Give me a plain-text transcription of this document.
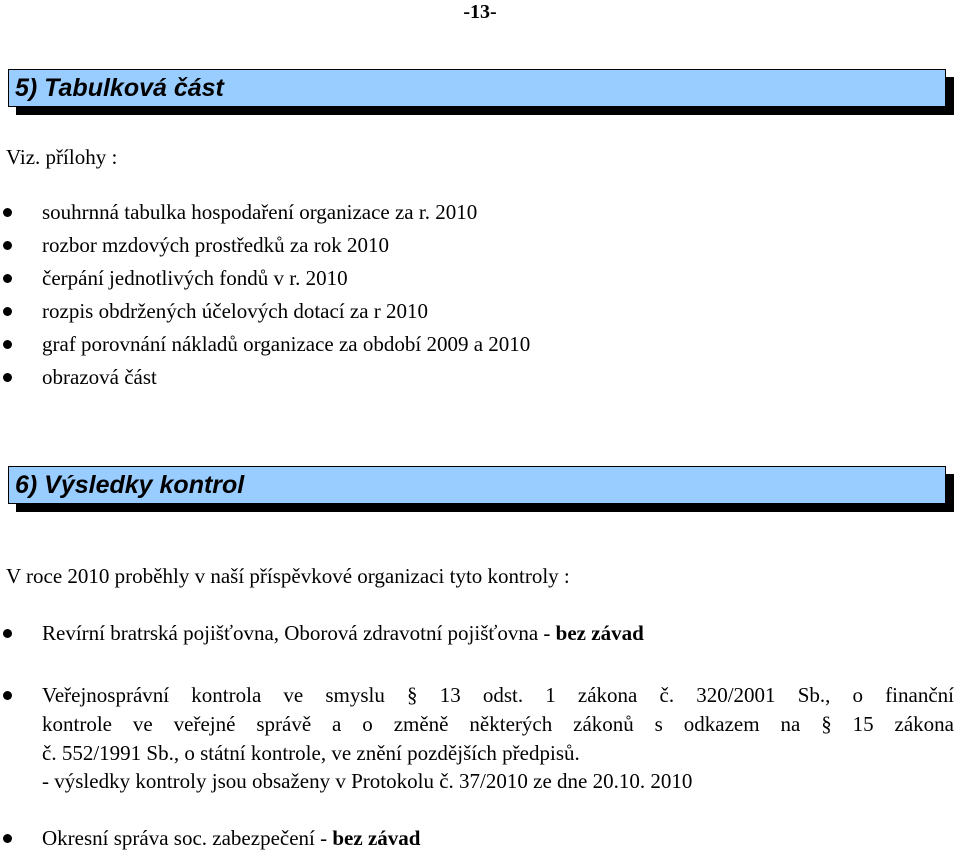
-13-
5) Tabulková část
Viz. přílohy :
souhrnná tabulka hospodaření organizace za r. 2010
rozbor mzdových prostředků za rok 2010
čerpání jednotlivých fondů v r. 2010
rozpis obdržených účelových dotací za r 2010
graf porovnání nákladů organizace za období 2009 a 2010
obrazová část
6) Výsledky kontrol
V roce 2010 proběhly v naší příspěvkové organizaci tyto kontroly :
Revírní bratrská pojišťovna, Oborová zdravotní pojišťovna - bez závad
Veřejnosprávní kontrola ve smyslu § 13 odst. 1 zákona č. 320/2001 Sb., o finanční
kontrole ve veřejné správě a o změně některých zákonů s odkazem na § 15 zákona
č. 552/1991 Sb., o státní kontrole, ve znění pozdějších předpisů.
- výsledky kontroly jsou obsaženy v Protokolu č. 37/2010 ze dne 20.10. 2010
Okresní správa soc. zabezpečení - bez závad
